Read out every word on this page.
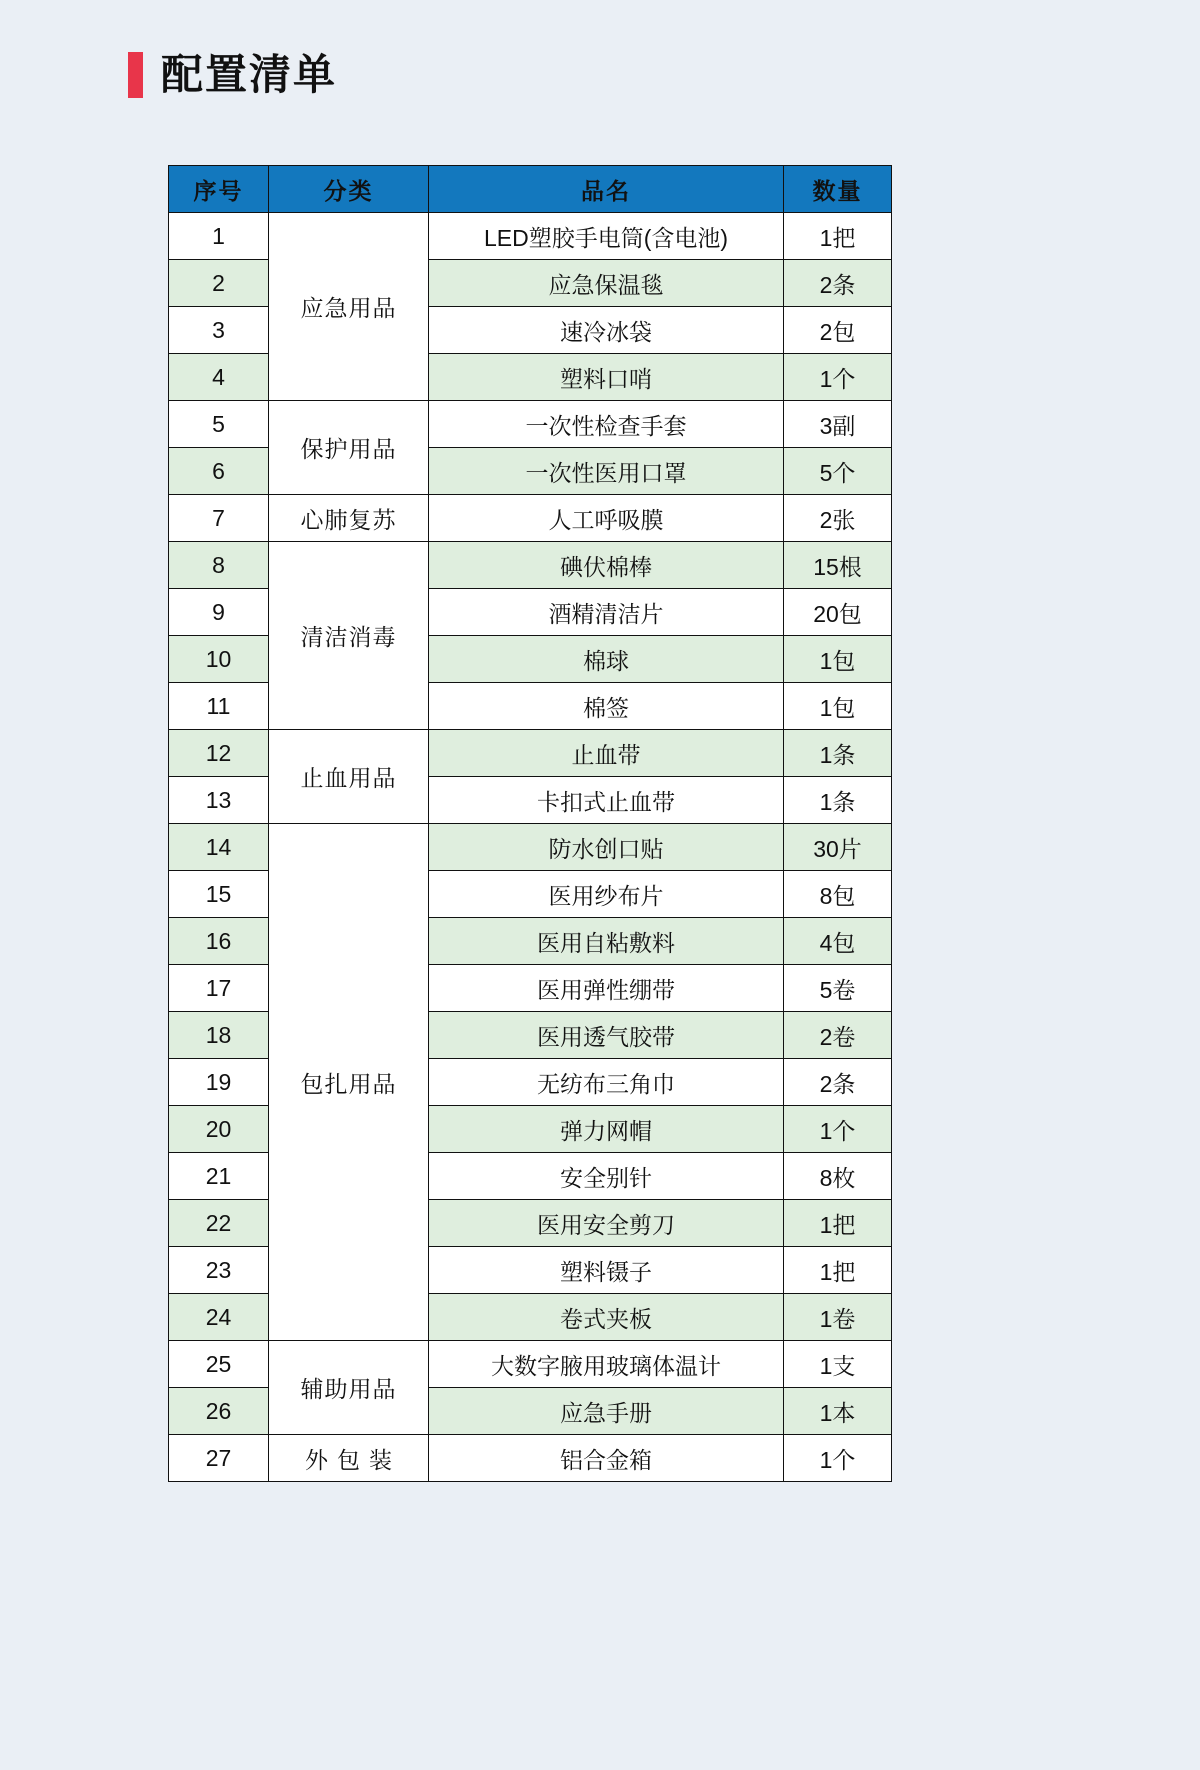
配置清单
序号	分类	品名	数量
1	应急用品	LED塑胶手电筒(含电池)	1把
2		应急保温毯	2条
3		速冷冰袋	2包
4		塑料口哨	1个
5	保护用品	一次性检查手套	3副
6		一次性医用口罩	5个
7	心肺复苏	人工呼吸膜	2张
8	清洁消毒	碘伏棉棒	15根
9		酒精清洁片	20包
10		棉球	1包
11		棉签	1包
12	止血用品	止血带	1条
13		卡扣式止血带	1条
14	包扎用品	防水创口贴	30片
15		医用纱布片	8包
16		医用自粘敷料	4包
17		医用弹性绷带	5卷
18		医用透气胶带	2卷
19		无纺布三角巾	2条
20		弹力网帽	1个
21		安全别针	8枚
22		医用安全剪刀	1把
23		塑料镊子	1把
24		卷式夹板	1卷
25	辅助用品	大数字腋用玻璃体温计	1支
26		应急手册	1本
27	外包装	铝合金箱	1个
